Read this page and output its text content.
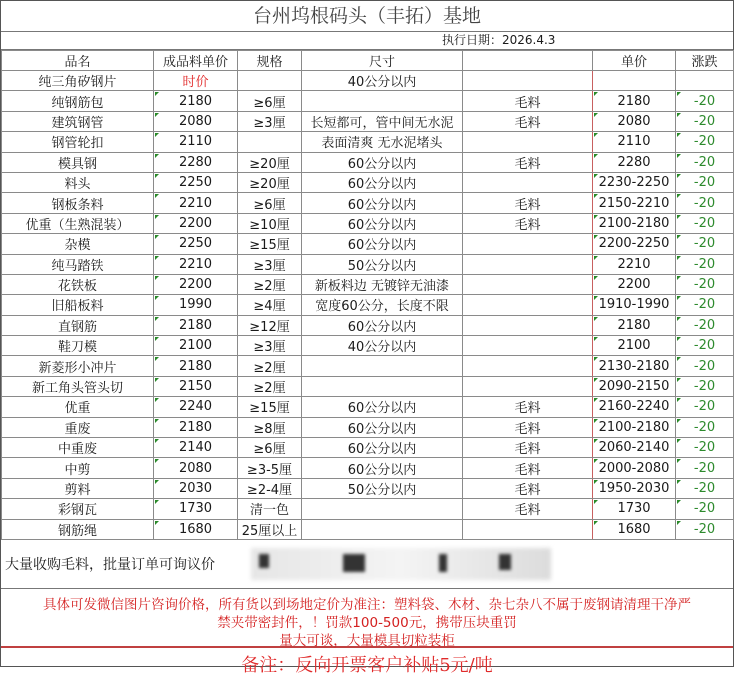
台州坞根码头（丰拓）基地
执行日期：2026.4.3
品名	成品料单价	规格	尺寸		单价	涨跌
纯三角矽钢片	时价		40公分以内			
纯钢筋包	2180	≥6厘		毛料	2180	-20

建筑钢管	2080	≥3厘	长短都可，管中间无水泥	毛料	2080	-20

钢管轮扣	2110		表面清爽 无水泥堵头		2110	-20

模具钢	2280	≥20厘	60公分以内	毛料	2280	-20

料头	2250	≥20厘	60公分以内		2230-2250	-20

钢板条料	2210	≥6厘	60公分以内	毛料	2150-2210	-20

优重（生熟混装）	2200	≥10厘	60公分以内	毛料	2100-2180	-20

杂模	2250	≥15厘	60公分以内		2200-2250	-20

纯马踏铁	2210	≥3厘	50公分以内		2210	-20

花铁板	2200	≥2厘	新板料边 无镀锌无油漆		2200	-20

旧船板料	1990	≥4厘	宽度60公分，长度不限		1910-1990	-20

直钢筋	2180	≥12厘	60公分以内		2180	-20

鞋刀模	2100	≥3厘	40公分以内		2100	-20

新菱形小冲片	2180	≥2厘			2130-2180	-20

新工角头管头切	2150	≥2厘			2090-2150	-20

优重	2240	≥15厘	60公分以内	毛料	2160-2240	-20

重废	2180	≥8厘	60公分以内	毛料	2100-2180	-20

中重废	2140	≥6厘	60公分以内	毛料	2060-2140	-20

中剪	2080	≥3-5厘	60公分以内	毛料	2000-2080	-20

剪料	2030	≥2-4厘	50公分以内	毛料	1950-2030	-20

彩钢瓦	1730	清一色		毛料	1730	-20

钢筋绳	1680	25厘以上			1680	-20
大量收购毛料，批量订单可询议价
具体可发微信图片咨询价格，所有货以到场地定价为准注：塑料袋、木材、杂七杂八不属于废钢请清理干净严
禁夹带密封件，！罚款100-500元，携带压块重罚
量大可谈，大量模具切粒装柜
备注：反向开票客户补贴5元/吨
